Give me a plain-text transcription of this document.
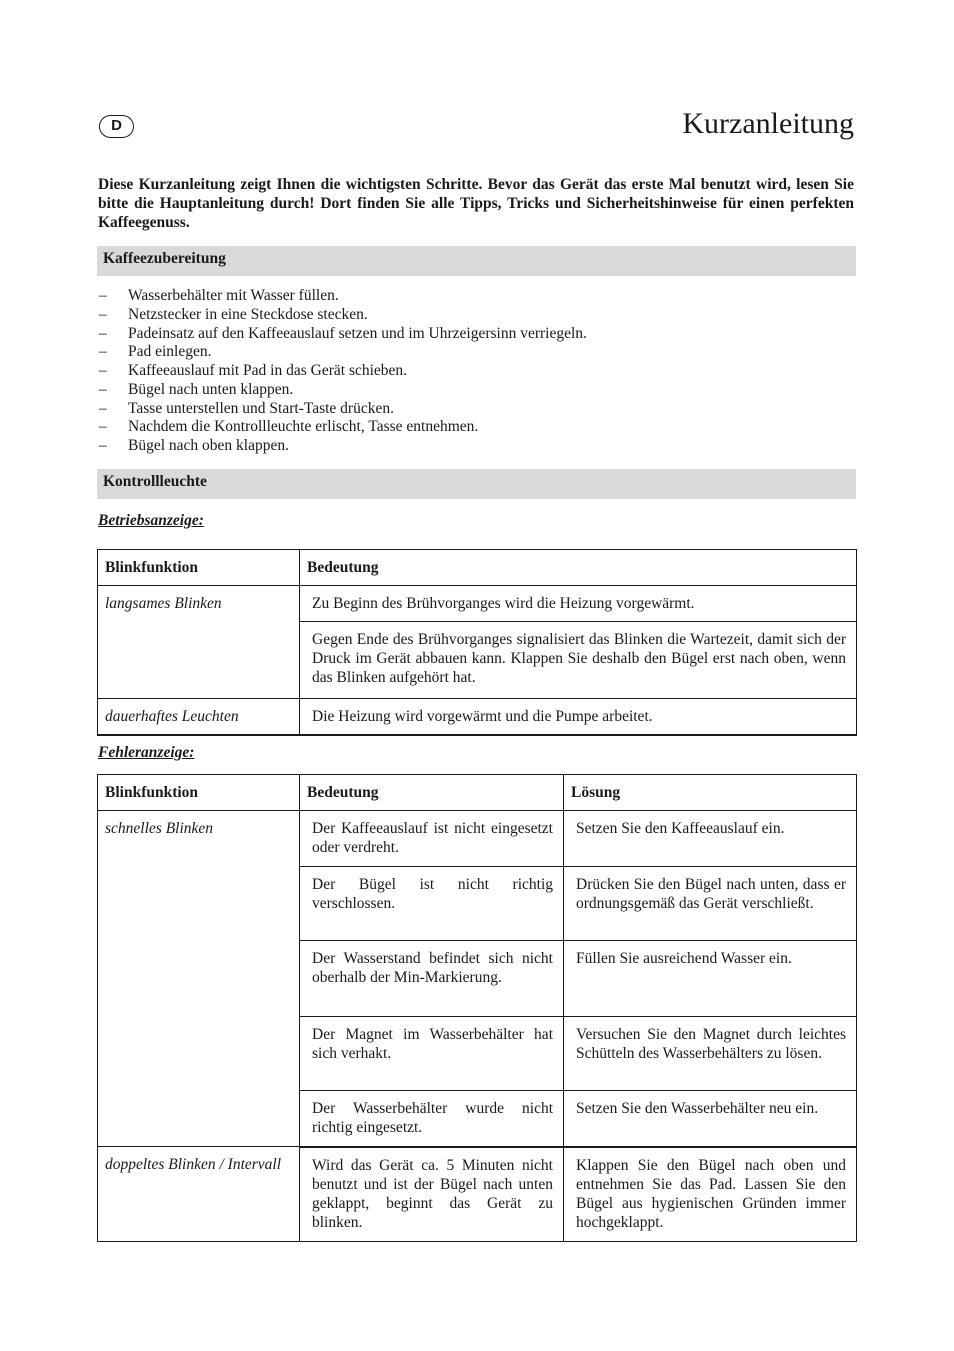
D	Kurzanleitung

Diese Kurzanleitung zeigt Ihnen die wichtigsten Schritte. Bevor das Gerät das erste Mal benutzt wird, lesen Sie bitte die Hauptanleitung durch! Dort finden Sie alle Tipps, Tricks und Sicherheitshinweise für einen perfekten Kaffeegenuss.

Kaffeezubereitung
–	Wasserbehälter mit Wasser füllen.
–	Netzstecker in eine Steckdose stecken.
–	Padeinsatz auf den Kaffeeauslauf setzen und im Uhrzeigersinn verriegeln.
–	Pad einlegen.
–	Kaffeeauslauf mit Pad in das Gerät schieben.
–	Bügel nach unten klappen.
–	Tasse unterstellen und Start-Taste drücken.
–	Nachdem die Kontrollleuchte erlischt, Tasse entnehmen.
–	Bügel nach oben klappen.
Kontrollleuchte
Betriebsanzeige:
Blinkfunktion	Bedeutung
langsames Blinken	Zu Beginn des Brühvorganges wird die Heizung vorgewärmt.
	Gegen Ende des Brühvorganges signalisiert das Blinken die Wartezeit, damit sich der Druck im Gerät abbauen kann. Klappen Sie deshalb den Bügel erst nach oben, wenn das Blinken aufgehört hat.
dauerhaftes Leuchten	Die Heizung wird vorgewärmt und die Pumpe arbeitet.
Fehleranzeige:
Blinkfunktion	Bedeutung	Lösung
schnelles Blinken	Der Kaffeeauslauf ist nicht eingesetzt oder verdreht.	Setzen Sie den Kaffeeauslauf ein.
	Der Bügel ist nicht richtig verschlossen.	Drücken Sie den Bügel nach unten, dass er ordnungsgemäß das Gerät verschließt.
	Der Wasserstand befindet sich nicht oberhalb der Min-Markierung.	Füllen Sie ausreichend Wasser ein.
	Der Magnet im Wasserbehälter hat sich verhakt.	Versuchen Sie den Magnet durch leichtes Schütteln des Wasserbehälters zu lösen.
	Der Wasserbehälter wurde nicht richtig eingesetzt.	Setzen Sie den Wasserbehälter neu ein.
doppeltes Blinken / Intervall	Wird das Gerät ca. 5 Minuten nicht benutzt und ist der Bügel nach unten geklappt, beginnt das Gerät zu blinken.	Klappen Sie den Bügel nach oben und entnehmen Sie das Pad. Lassen Sie den Bügel aus hygienischen Gründen immer hochgeklappt.
